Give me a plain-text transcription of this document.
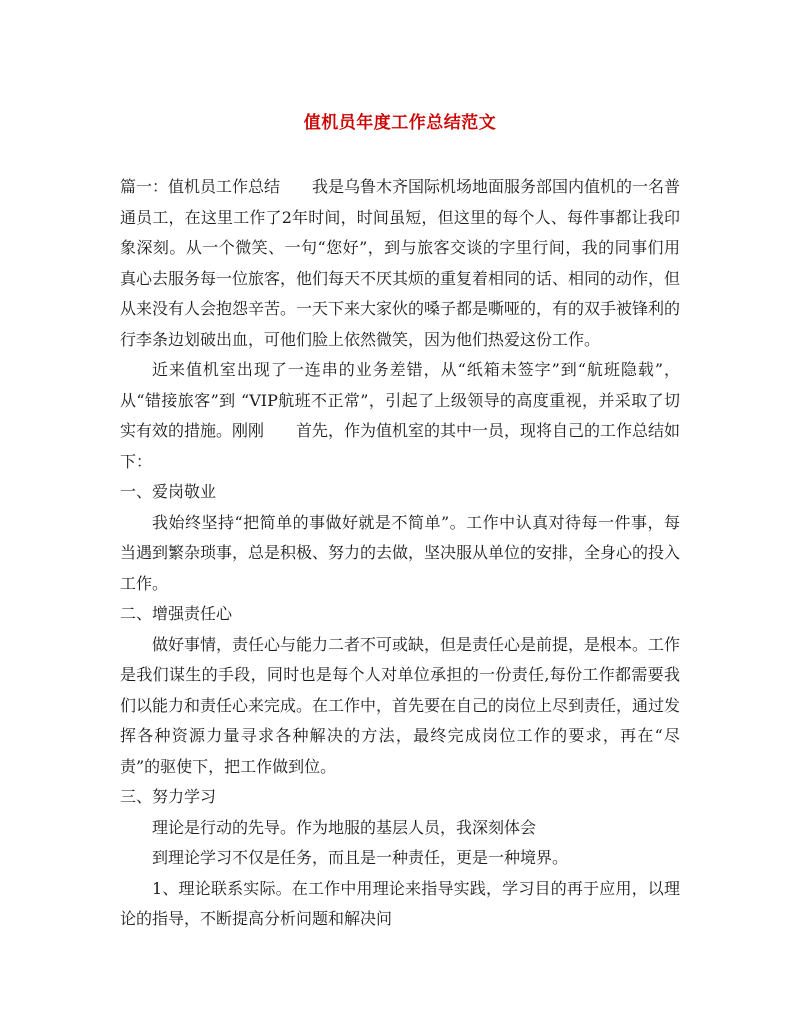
值机员年度工作总结范文

篇一：值机员工作总结　　我是乌鲁木齐国际机场地面服务部国内值机的一名普通员工，在这里工作了2年时间，时间虽短，但这里的每个人、每件事都让我印象深刻。从一个微笑、一句“您好”，到与旅客交谈的字里行间，我的同事们用真心去服务每一位旅客，他们每天不厌其烦的重复着相同的话、相同的动作，但从来没有人会抱怨辛苦。一天下来大家伙的嗓子都是嘶哑的，有的双手被锋利的行李条边划破出血，可他们脸上依然微笑，因为他们热爱这份工作。

近来值机室出现了一连串的业务差错，从“纸箱未签字”到“航班隐载”，从“错接旅客”到 “VIP航班不正常”，引起了上级领导的高度重视，并采取了切实有效的措施。刚刚　　首先，作为值机室的其中一员，现将自己的工作总结如下：

一、爱岗敬业

我始终坚持“把简单的事做好就是不简单”。工作中认真对待每一件事，每当遇到繁杂琐事，总是积极、努力的去做，坚决服从单位的安排，全身心的投入工作。

二、增强责任心

做好事情，责任心与能力二者不可或缺，但是责任心是前提，是根本。工作是我们谋生的手段，同时也是每个人对单位承担的一份责任,每份工作都需要我们以能力和责任心来完成。在工作中，首先要在自己的岗位上尽到责任，通过发挥各种资源力量寻求各种解决的方法，最终完成岗位工作的要求，再在“尽责”的驱使下，把工作做到位。

三、努力学习

理论是行动的先导。作为地服的基层人员，我深刻体会

到理论学习不仅是任务，而且是一种责任，更是一种境界。

1、理论联系实际。在工作中用理论来指导实践，学习目的再于应用，以理论的指导，不断提高分析问题和解决问
